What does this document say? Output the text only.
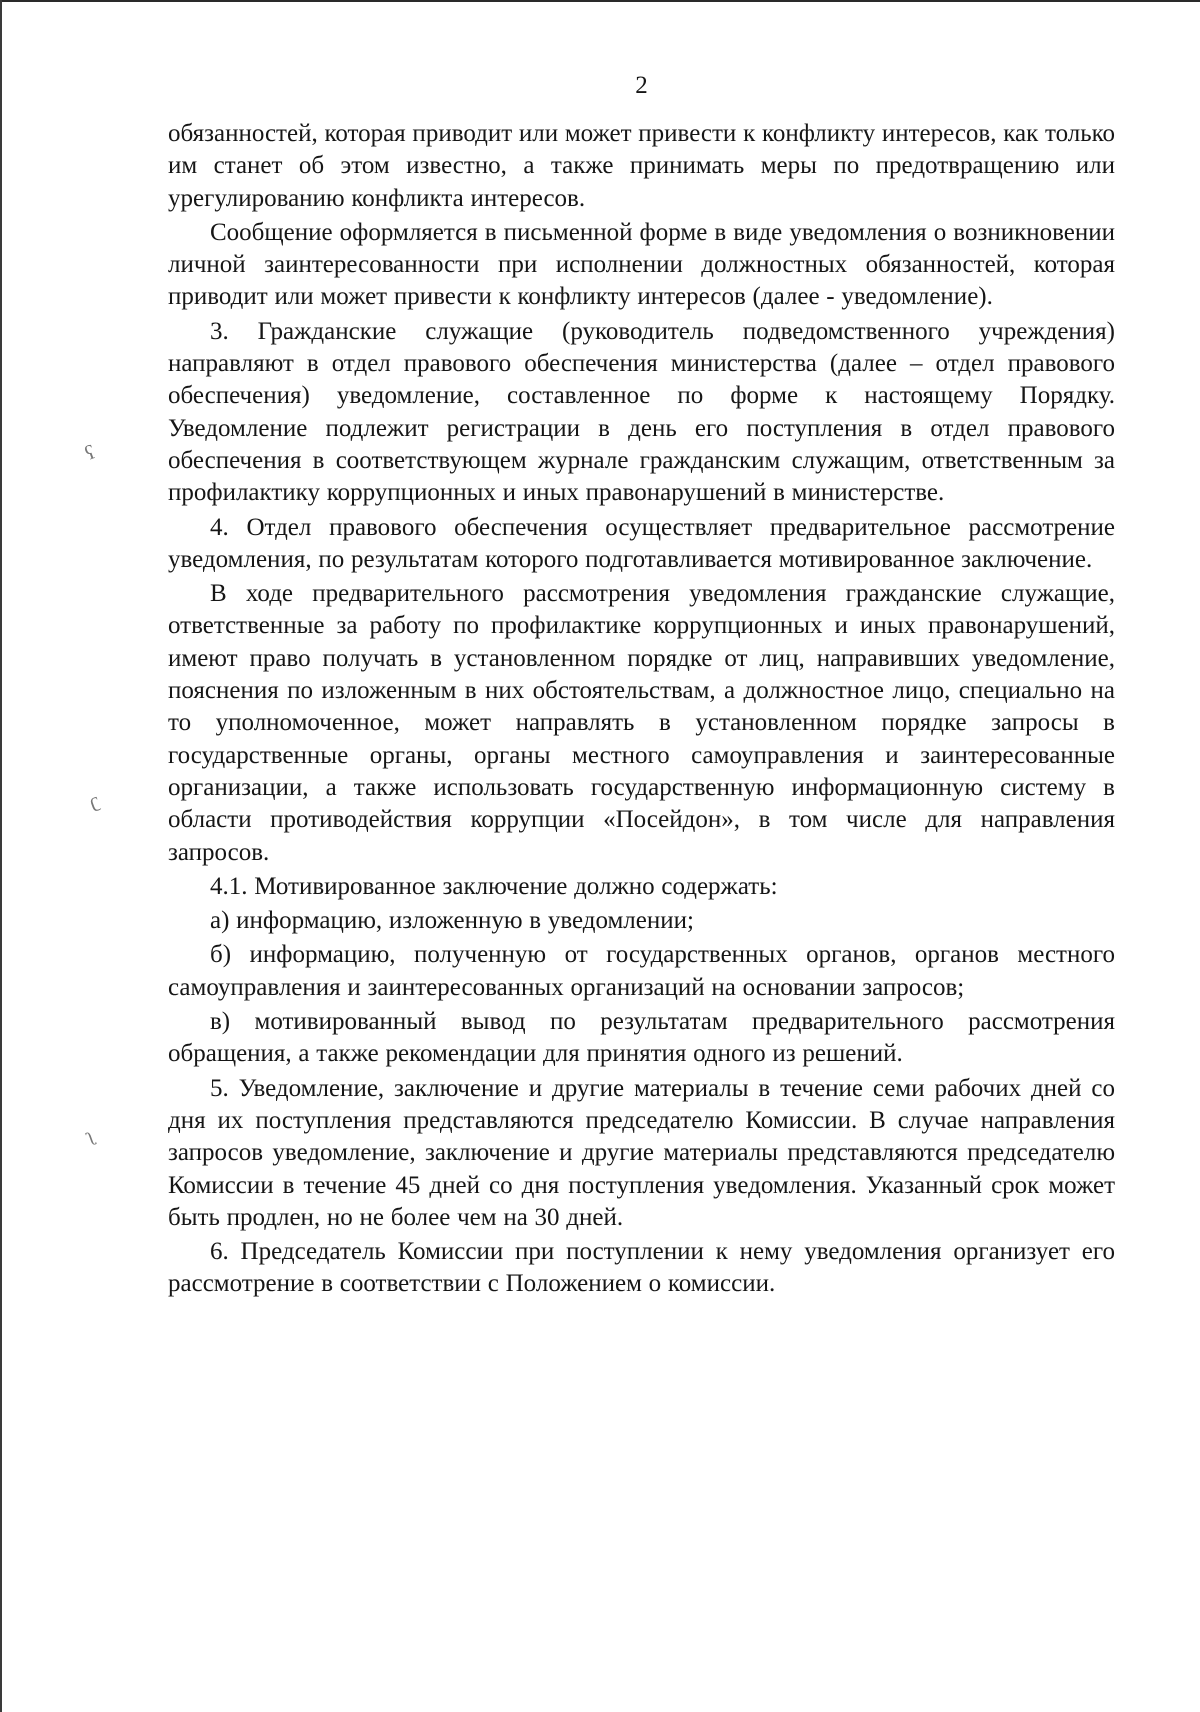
2

обязанностей, которая приводит или может привести к конфликту интересов, как только им станет об этом известно, а также принимать меры по предотвращению или урегулированию конфликта интересов.

Сообщение оформляется в письменной форме в виде уведомления о возникновении личной заинтересованности при исполнении должностных обязанностей, которая приводит или может привести к конфликту интересов (далее - уведомление).

3. Гражданские служащие (руководитель подведомственного учреждения) направляют в отдел правового обеспечения министерства (далее – отдел правового обеспечения) уведомление, составленное по форме к настоящему Порядку. Уведомление подлежит регистрации в день его поступления в отдел правового обеспечения в соответствующем журнале гражданским служащим, ответственным за профилактику коррупционных и иных правонарушений в министерстве.

4. Отдел правового обеспечения осуществляет предварительное рассмотрение уведомления, по результатам которого подготавливается мотивированное заключение.

В ходе предварительного рассмотрения уведомления гражданские служащие, ответственные за работу по профилактике коррупционных и иных правонарушений, имеют право получать в установленном порядке от лиц, направивших уведомление, пояснения по изложенным в них обстоятельствам, а должностное лицо, специально на то уполномоченное, может направлять в установленном порядке запросы в государственные органы, органы местного самоуправления и заинтересованные организации, а также использовать государственную информационную систему в области противодействия коррупции «Посейдон», в том числе для направления запросов.

4.1. Мотивированное заключение должно содержать:

а) информацию, изложенную в уведомлении;

б) информацию, полученную от государственных органов, органов местного самоуправления и заинтересованных организаций на основании запросов;

в) мотивированный вывод по результатам предварительного рассмотрения обращения, а также рекомендации для принятия одного из решений.

5. Уведомление, заключение и другие материалы в течение семи рабочих дней со дня их поступления представляются председателю Комиссии. В случае направления запросов уведомление, заключение и другие материалы представляются председателю Комиссии в течение 45 дней со дня поступления уведомления. Указанный срок может быть продлен, но не более чем на 30 дней.

6. Председатель Комиссии при поступлении к нему уведомления организует его рассмотрение в соответствии с Положением о комиссии.

ʕ
ʗ
ʅ
